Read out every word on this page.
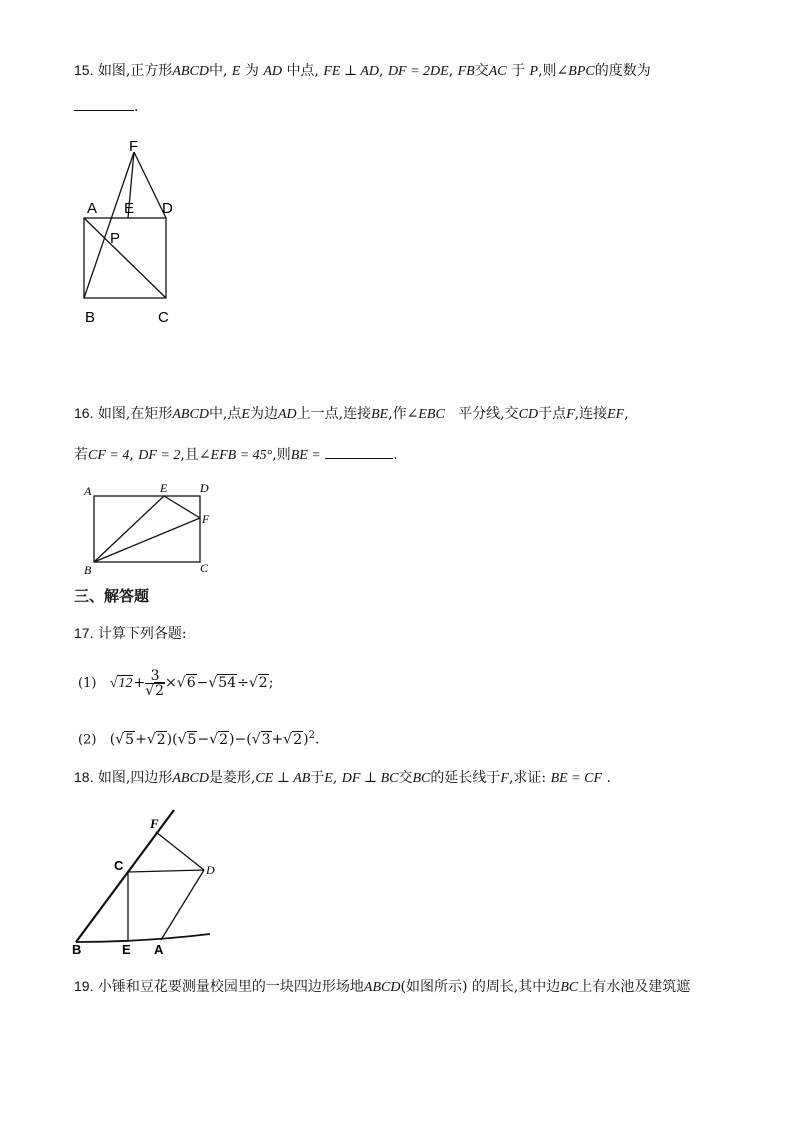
15. 如图,正方形ABCD中, E 为 AD 中点, FE ⊥ AD, DF = 2DE, FB交AC 于 P,则∠BPC的度数为
.
F
A E D
P
B	C
16. 如图,在矩形ABCD中,点E为边AD上一点,连接BE,作∠EBC 平分线,交CD于点F,连接EF,
若CF = 4, DF = 2,且∠EFB = 45°,则BE =	.
A	E	D
F
B	C
三、解答题
17. 计算下列各题:
(1) $√12+ \frac{3}{√2} \times√6-√54\div√2$;
(2) $(√5+√2)(√5-√2)-(√3+√2)^2$.
18. 如图,四边形ABCD是菱形,CE ⊥ AB于E, DF ⊥ BC交BC的延长线于F,求证: BE = CF .
F
C	D
B	E A
19. 小锤和豆花要测量校园里的一块四边形场地ABCD(如图所示) 的周长,其中边BC上有水池及建筑遮
